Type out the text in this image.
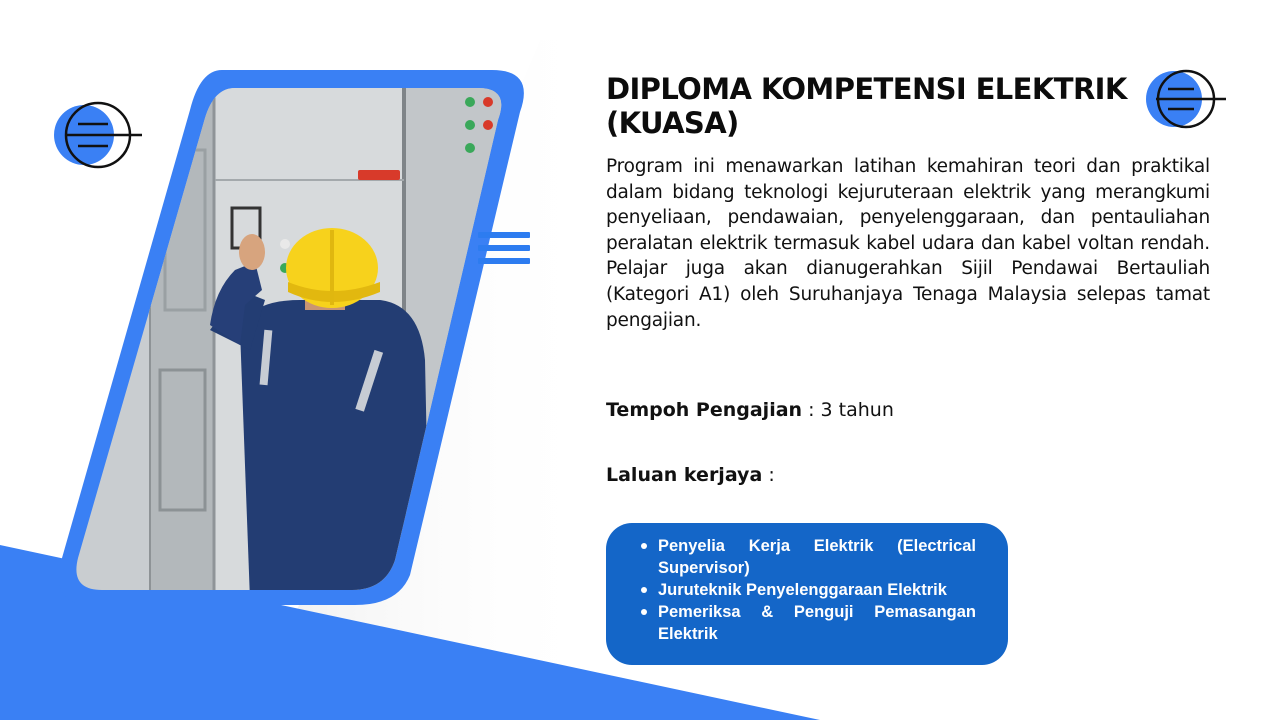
DIPLOMA KOMPETENSI ELEKTRIK (KUASA)

Program ini menawarkan latihan kemahiran teori dan praktikal dalam bidang teknologi kejuruteraan elektrik yang merangkumi penyeliaan, pendawaian, penyelenggaraan, dan pentauliahan peralatan elektrik termasuk kabel udara dan kabel voltan rendah. Pelajar juga akan dianugerahkan Sijil Pendawai Bertauliah (Kategori A1) oleh Suruhanjaya Tenaga Malaysia selepas tamat pengajian.

Tempoh Pengajian : 3 tahun

Laluan kerjaya :

Penyelia Kerja Elektrik (Electrical Supervisor)
Juruteknik Penyelenggaraan Elektrik
Pemeriksa & Penguji Pemasangan Elektrik
